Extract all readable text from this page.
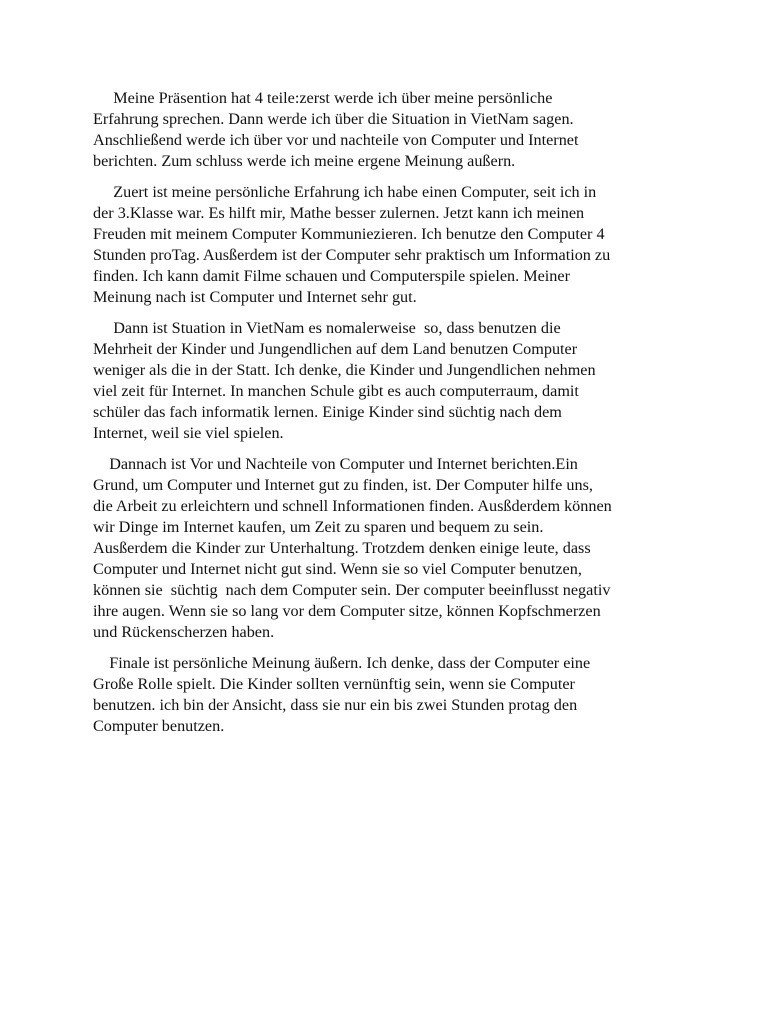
Meine Präsention hat 4 teile:zerst werde ich über meine persönliche
Erfahrung sprechen. Dann werde ich über die Situation in VietNam sagen.
Anschließend werde ich über vor und nachteile von Computer und Internet
berichten. Zum schluss werde ich meine ergene Meinung außern.
Zuert ist meine persönliche Erfahrung ich habe einen Computer, seit ich in
der 3.Klasse war. Es hilft mir, Mathe besser zulernen. Jetzt kann ich meinen
Freuden mit meinem Computer Kommuniezieren. Ich benutze den Computer 4
Stunden proTag. Ausßerdem ist der Computer sehr praktisch um Information zu
finden. Ich kann damit Filme schauen und Computerspile spielen. Meiner
Meinung nach ist Computer und Internet sehr gut.
Dann ist Stuation in VietNam es nomalerweise  so, dass benutzen die
Mehrheit der Kinder und Jungendlichen auf dem Land benutzen Computer
weniger als die in der Statt. Ich denke, die Kinder und Jungendlichen nehmen
viel zeit für Internet. In manchen Schule gibt es auch computerraum, damit
schüler das fach informatik lernen. Einige Kinder sind süchtig nach dem
Internet, weil sie viel spielen.
Dannach ist Vor und Nachteile von Computer und Internet berichten.Ein
Grund, um Computer und Internet gut zu finden, ist. Der Computer hilfe uns,
die Arbeit zu erleichtern und schnell Informationen finden. Ausßderdem können
wir Dinge im Internet kaufen, um Zeit zu sparen und bequem zu sein.
Ausßerdem die Kinder zur Unterhaltung. Trotzdem denken einige leute, dass
Computer und Internet nicht gut sind. Wenn sie so viel Computer benutzen,
können sie  süchtig  nach dem Computer sein. Der computer beeinflusst negativ
ihre augen. Wenn sie so lang vor dem Computer sitze, können Kopfschmerzen
und Rückenscherzen haben.
Finale ist persönliche Meinung äußern. Ich denke, dass der Computer eine
Große Rolle spielt. Die Kinder sollten vernünftig sein, wenn sie Computer
benutzen. ich bin der Ansicht, dass sie nur ein bis zwei Stunden protag den
Computer benutzen.
